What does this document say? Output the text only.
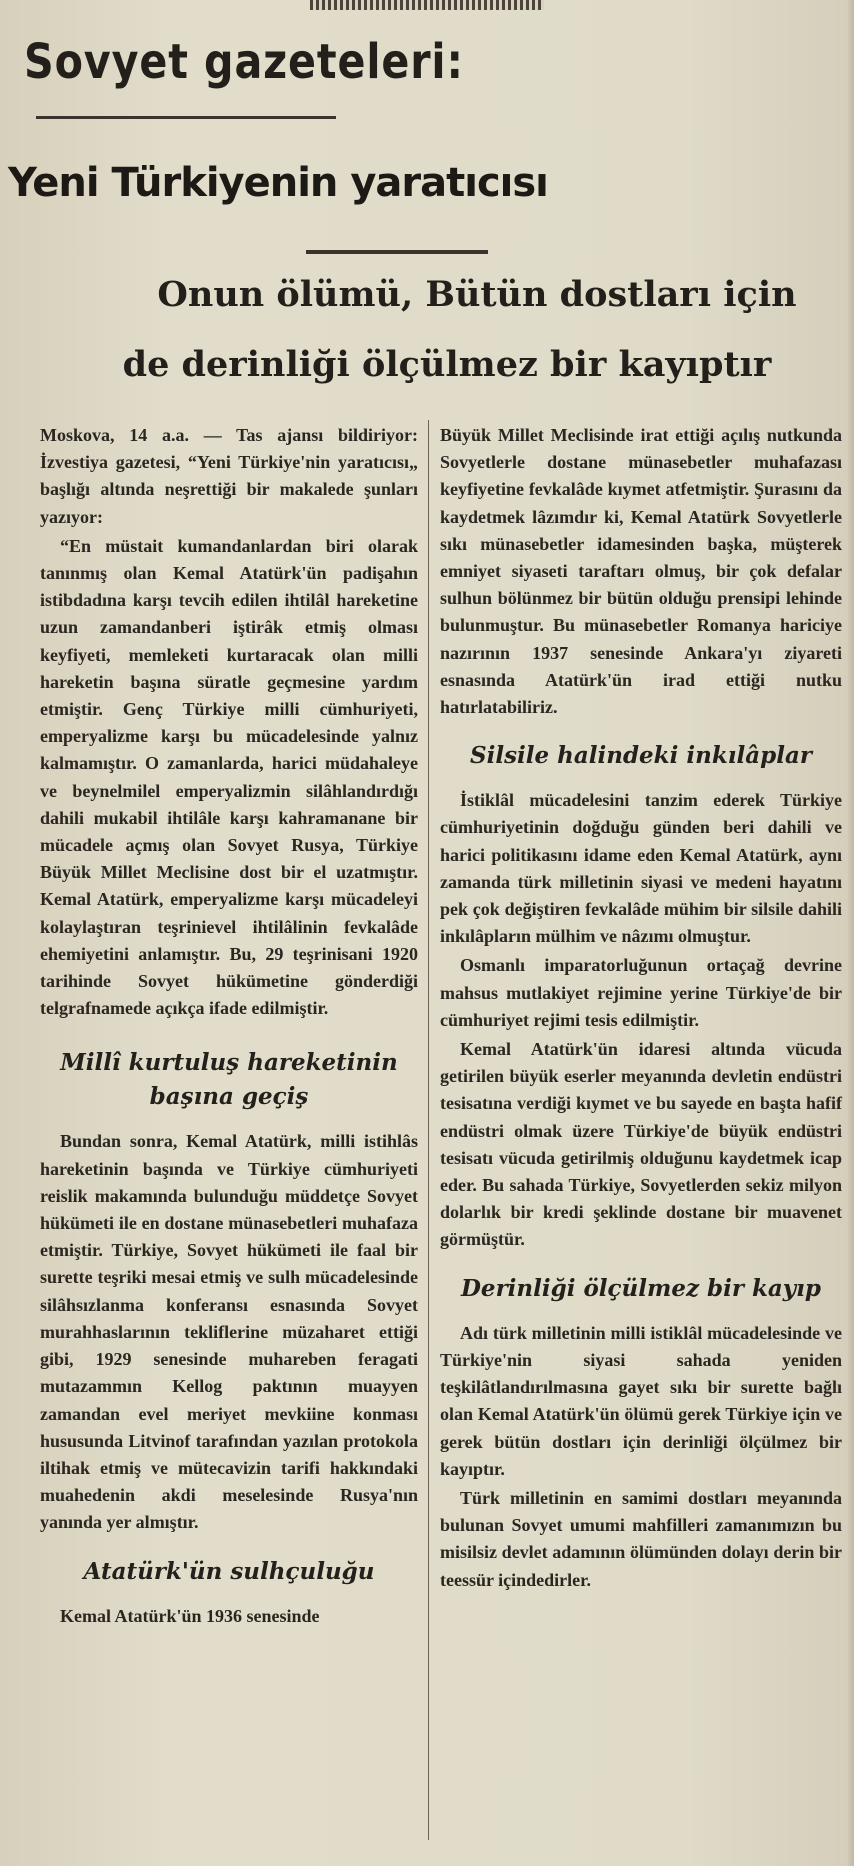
Sovyet gazeteleri:
Yeni Türkiyenin yaratıcısı
Onun ölümü, Bütün dostları için
de derinliği ölçülmez bir kayıptır

Moskova, 14 a.a. — Tas ajansı bildiriyor: İzvestiya gazetesi, “Yeni Türkiye'nin yaratıcısı„ başlığı altında neşrettiği bir makalede şunları yazıyor:

“En müstait kumandanlardan biri olarak tanınmış olan Kemal Atatürk'ün padişahın istibdadına karşı tevcih edilen ihtilâl hareketine uzun zamandanberi iştirâk etmiş olması keyfiyeti, memleketi kurtaracak olan milli hareketin başına süratle geçmesine yardım etmiştir. Genç Türkiye milli cümhuriyeti, emperyalizme karşı bu mücadelesinde yalnız kalmamıştır. O zamanlarda, harici müdahaleye ve beynelmilel emperyalizmin silâhlandırdığı dahili mukabil ihtilâle karşı kahramanane bir mücadele açmış olan Sovyet Rusya, Türkiye Büyük Millet Meclisine dost bir el uzatmıştır. Kemal Atatürk, emperyalizme karşı mücadeleyi kolaylaştıran teşrinievel ihtilâlinin fevkalâde ehemiyetini anlamıştır. Bu, 29 teşrinisani 1920 tarihinde Sovyet hükümetine gönderdiği telgrafnamede açıkça ifade edilmiştir.

Millî kurtuluş hareketinin

başına geçiş

Bundan sonra, Kemal Atatürk, milli istihlâs hareketinin başında ve Türkiye cümhuriyeti reislik makamında bulunduğu müddetçe Sovyet hükümeti ile en dostane münasebetleri muhafaza etmiştir. Türkiye, Sovyet hükümeti ile faal bir surette teşriki mesai etmiş ve sulh mücadelesinde silâhsızlanma konferansı esnasında Sovyet murahhaslarının tekliflerine müzaharet ettiği gibi, 1929 senesinde muhareben feragati mutazammın Kellog paktının muayyen zamandan evel meriyet mevkiine konması hususunda Litvinof tarafından yazılan protokola iltihak etmiş ve mütecavizin tarifi hakkındaki muahedenin akdi meselesinde Rusya'nın yanında yer almıştır.

Atatürk'ün sulhçuluğu

Kemal Atatürk'ün 1936 senesinde

Büyük Millet Meclisinde irat ettiği açılış nutkunda Sovyetlerle dostane münasebetler muhafazası keyfiyetine fevkalâde kıymet atfetmiştir. Şurasını da kaydetmek lâzımdır ki, Kemal Atatürk Sovyetlerle sıkı münasebetler idamesinden başka, müşterek emniyet siyaseti taraftarı olmuş, bir çok defalar sulhun bölünmez bir bütün olduğu prensipi lehinde bulunmuştur. Bu münasebetler Romanya hariciye nazırının 1937 senesinde Ankara'yı ziyareti esnasında Atatürk'ün irad ettiği nutku hatırlatabiliriz.

Silsile halindeki inkılâplar

İstiklâl mücadelesini tanzim ederek Türkiye cümhuriyetinin doğduğu günden beri dahili ve harici politikasını idame eden Kemal Atatürk, aynı zamanda türk milletinin siyasi ve medeni hayatını pek çok değiştiren fevkalâde mühim bir silsile dahili inkılâpların mülhim ve nâzımı olmuştur.

Osmanlı imparatorluğunun ortaçağ devrine mahsus mutlakiyet rejimine yerine Türkiye'de bir cümhuriyet rejimi tesis edilmiştir.

Kemal Atatürk'ün idaresi altında vücuda getirilen büyük eserler meyanında devletin endüstri tesisatına verdiği kıymet ve bu sayede en başta hafif endüstri olmak üzere Türkiye'de büyük endüstri tesisatı vücuda getirilmiş olduğunu kaydetmek icap eder. Bu sahada Türkiye, Sovyetlerden sekiz milyon dolarlık bir kredi şeklinde dostane bir muavenet görmüştür.

Derinliği ölçülmez bir kayıp

Adı türk milletinin milli istiklâl mücadelesinde ve Türkiye'nin siyasi sahada yeniden teşkilâtlandırılmasına gayet sıkı bir surette bağlı olan Kemal Atatürk'ün ölümü gerek Türkiye için ve gerek bütün dostları için derinliği ölçülmez bir kayıptır.

Türk milletinin en samimi dostları meyanında bulunan Sovyet umumi mahfilleri zamanımızın bu misilsiz devlet adamının ölümünden dolayı derin bir teessür içindedirler.
